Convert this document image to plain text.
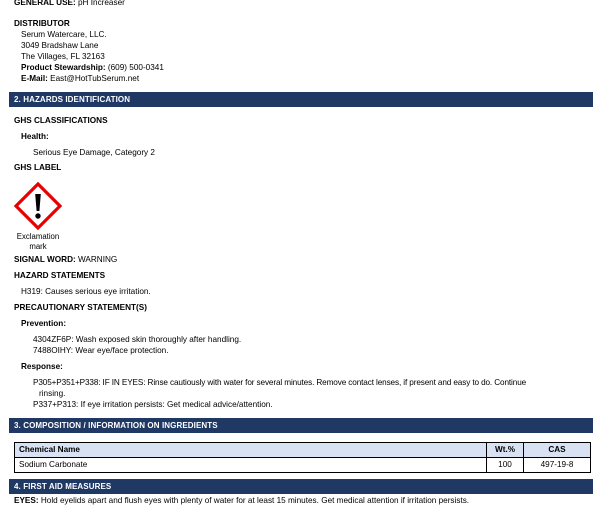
GENERAL USE: pH Increaser
DISTRIBUTOR
Serum Watercare, LLC.
3049 Bradshaw Lane
The Villages, FL 32163
Product Stewardship: (609) 500-0341
E-Mail: East@HotTubSerum.net
2. HAZARDS IDENTIFICATION
GHS CLASSIFICATIONS
Health:
Serious Eye Damage, Category 2
GHS LABEL
Exclamation
mark
SIGNAL WORD: WARNING
HAZARD STATEMENTS
H319: Causes serious eye irritation.
PRECAUTIONARY STATEMENT(S)
Prevention:
4304ZF6P: Wash exposed skin thoroughly after handling.
7488OIHY: Wear eye/face protection.
Response:
P305+P351+P338: IF IN EYES: Rinse cautiously with water for several minutes. Remove contact lenses, if present and easy to do. Continue
rinsing.
P337+P313: If eye irritation persists: Get medical advice/attention.
3. COMPOSITION / INFORMATION ON INGREDIENTS
Chemical Name	Wt.%	CAS
Sodium Carbonate	100	497-19-8
4. FIRST AID MEASURES
EYES: Hold eyelids apart and flush eyes with plenty of water for at least 15 minutes. Get medical attention if irritation persists.
